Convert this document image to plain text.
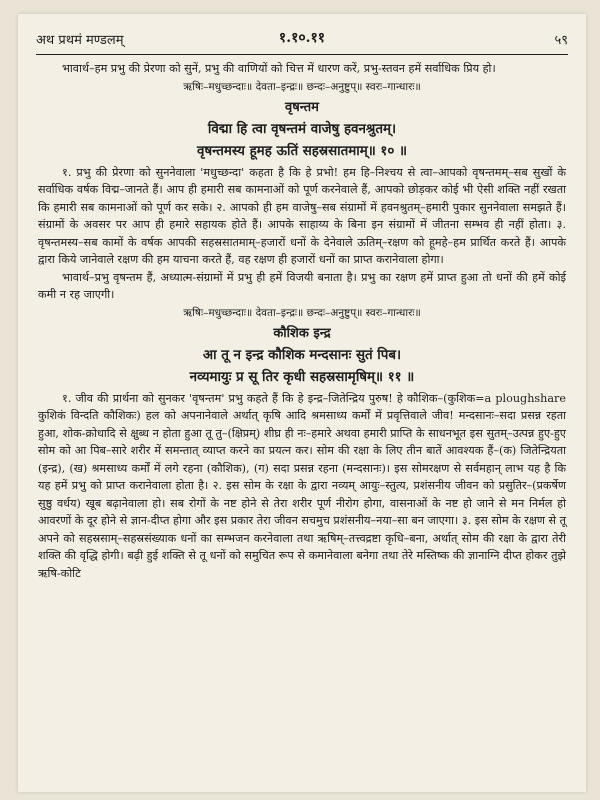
अथ प्रथमं मण्डलम्	१.१०.११	५९

भावार्थ–हम प्रभु की प्रेरणा को सुनें, प्रभु की वाणियों को चित्त में धारण करें, प्रभु-स्तवन हमें सर्वाधिक प्रिय हो।

ऋषिः–मधुच्छन्दाः॥ देवता–इन्द्रः॥ छन्दः–अनुष्टुप्॥ स्वरः–गान्धारः॥

वृषन्तम

विद्मा हि त्वा वृषन्तमं वाजेषु हवनश्रुतम्।

वृषन्तमस्य हूमह ऊतिं सहस्रसातमाम्॥ १० ॥

१. प्रभु की प्रेरणा को सुननेवाला 'मधुच्छन्दा' कहता है कि हे प्रभो! हम हि–निश्चय से त्वा–आपको वृषन्तमम्–सब सुखों के सर्वाधिक वर्षक विद्म–जानते हैं। आप ही हमारी सब कामनाओं को पूर्ण करनेवाले हैं, आपको छोड़कर कोई भी ऐसी शक्ति नहीं रखता कि हमारी सब कामनाओं को पूर्ण कर सके। २. आपको ही हम वाजेषु–सब संग्रामों में हवनश्रुतम्–हमारी पुकार सुननेवाला समझते हैं। संग्रामों के अवसर पर आप ही हमारे सहायक होते हैं। आपके साहाय्य के बिना इन संग्रामों में जीतना सम्भव ही नहीं होता। ३. वृषन्तमस्य–सब कामों के वर्षक आपकी सहस्रसातमाम्–हजारों धनों के देनेवाले ऊतिम्–रक्षण को हूमहे–हम प्रार्थित करते हैं। आपके द्वारा किये जानेवाले रक्षण की हम याचना करते हैं, वह रक्षण ही हजारों धनों का प्राप्त करानेवाला होगा।

भावार्थ–प्रभु वृषन्तम हैं, अध्यात्म-संग्रामों में प्रभु ही हमें विजयी बनाता है। प्रभु का रक्षण हमें प्राप्त हुआ तो धनों की हमें कोई कमी न रह जाएगी।

ऋषिः–मधुच्छन्दाः॥ देवता–इन्द्रः॥ छन्दः–अनुष्टुप्॥ स्वरः–गान्धारः॥

कौशिक इन्द्र

आ तू न इन्द्र कौशिक मन्दसानः सुतं पिब।

नव्यमायुः प्र सू तिर कृधी सहस्रसामृषिम्॥ ११ ॥

१. जीव की प्रार्थना को सुनकर 'वृषन्तम' प्रभु कहते हैं कि हे इन्द्र–जितेन्द्रिय पुरुष! हे कौशिक–(कुशिक=a ploughshare कुशिकं विन्दति कौशिकः) हल को अपनानेवाले अर्थात् कृषि आदि श्रमसाध्य कर्मों में प्रवृत्तिवाले जीव! मन्दसानः–सदा प्रसन्न रहता हुआ, शोक-क्रोधादि से क्षुब्ध न होता हुआ तू तु–(क्षिप्रम्) शीघ्र ही नः–हमारे अथवा हमारी प्राप्ति के साधनभूत इस सुतम्–उत्पन्न हुए-हुए सोम को आ पिब–सारे शरीर में समन्तात् व्याप्त करने का प्रयत्न कर। सोम की रक्षा के लिए तीन बातें आवश्यक हैं–(क) जितेन्द्रियता (इन्द्र), (ख) श्रमसाध्य कर्मों में लगे रहना (कौशिक), (ग) सदा प्रसन्न रहना (मन्दसानः)। इस सोमरक्षण से सर्वमहान् लाभ यह है कि यह हमें प्रभु को प्राप्त करानेवाला होता है। २. इस सोम के रक्षा के द्वारा नव्यम् आयुः–स्तुत्य, प्रशंसनीय जीवन को प्रसुतिर–(प्रकर्षेण सुष्ठु वर्धय) खूब बढ़ानेवाला हो। सब रोगों के नष्ट होने से तेरा शरीर पूर्ण नीरोग होगा, वासनाओं के नष्ट हो जाने से मन निर्मल हो आवरणों के दूर होने से ज्ञान-दीप्त होगा और इस प्रकार तेरा जीवन सचमुच प्रशंसनीय–नया–सा बन जाएगा। ३. इस सोम के रक्षण से तू अपने को सहस्रसाम्–सहस्रसंख्याक धनों का सम्भजन करनेवाला तथा ऋषिम्–तत्त्वद्रष्टा कृधि–बना, अर्थात् सोम की रक्षा के द्वारा तेरी शक्ति की वृद्धि होगी। बढ़ी हुई शक्ति से तू धनों को समुचित रूप से कमानेवाला बनेगा तथा तेरे मस्तिष्क की ज्ञानाग्नि दीप्त होकर तुझे ऋषि-कोटि
